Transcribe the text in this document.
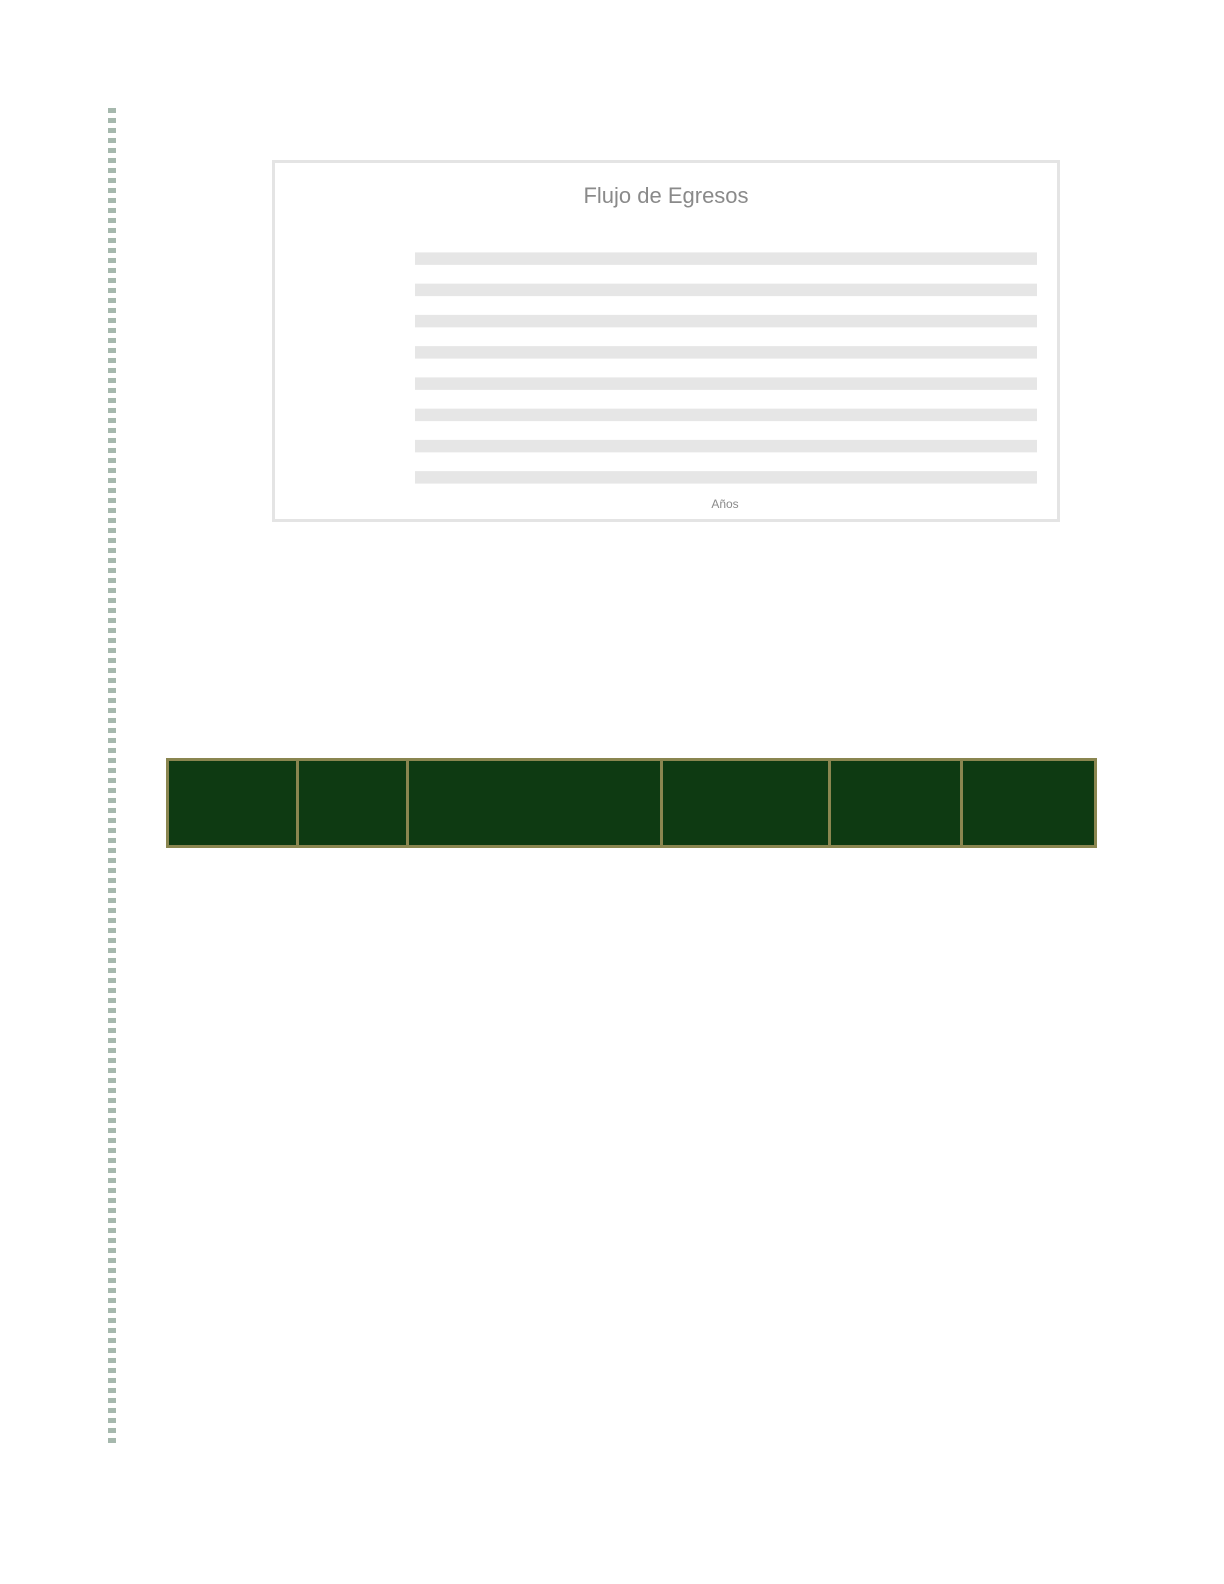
Flujo de Egresos
Años
